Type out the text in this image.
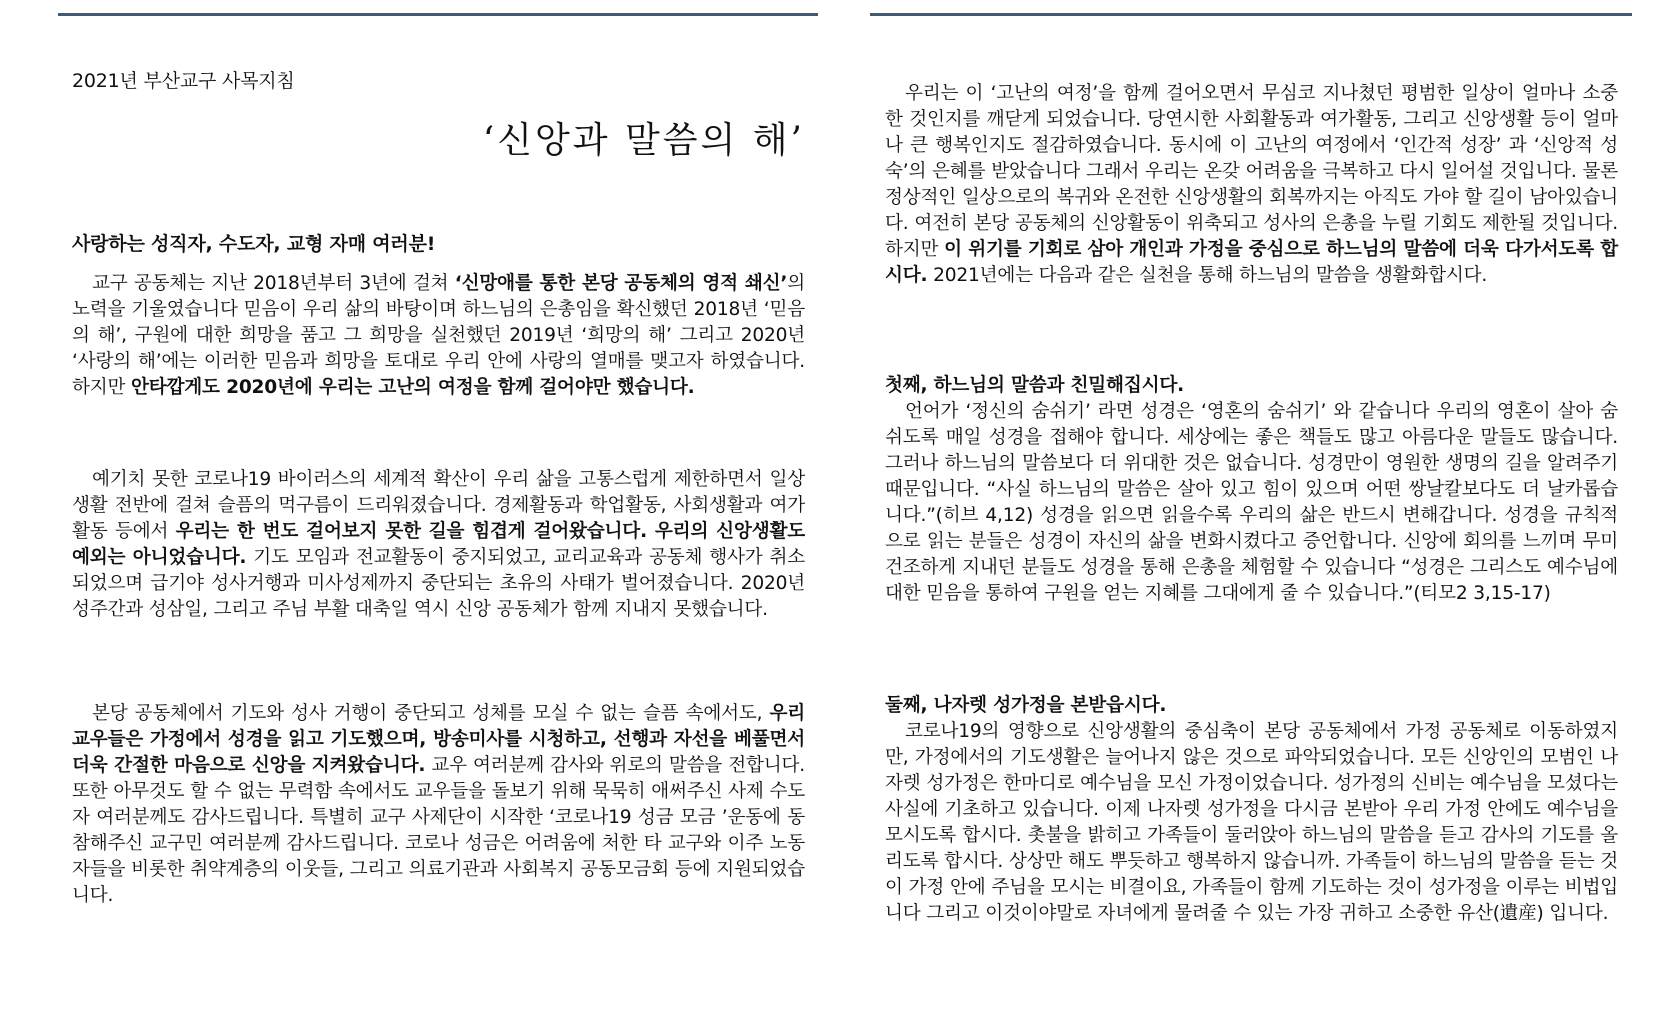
2021년 부산교구 사목지침
‘신앙과 말씀의 해’
사랑하는 성직자, 수도자, 교형 자매 여러분!

교구 공동체는 지난 2018년부터 3년에 걸쳐 ‘신망애를 통한 본당 공동체의 영적 쇄신’의 노력을 기울였습니다 믿음이 우리 삶의 바탕이며 하느님의 은총임을 확신했던 2018년 ‘믿음의 해’, 구원에 대한 희망을 품고 그 희망을 실천했던 2019년 ‘희망의 해’ 그리고 2020년 ‘사랑의 해’에는 이러한 믿음과 희망을 토대로 우리 안에 사랑의 열매를 맺고자 하였습니다. 하지만 안타깝게도 2020년에 우리는 고난의 여정을 함께 걸어야만 했습니다.

예기치 못한 코로나19 바이러스의 세계적 확산이 우리 삶을 고통스럽게 제한하면서 일상생활 전반에 걸쳐 슬픔의 먹구름이 드리워졌습니다. 경제활동과 학업활동, 사회생활과 여가활동 등에서 우리는 한 번도 걸어보지 못한 길을 힘겹게 걸어왔습니다. 우리의 신앙생활도 예외는 아니었습니다. 기도 모임과 전교활동이 중지되었고, 교리교육과 공동체 행사가 취소되었으며 급기야 성사거행과 미사성제까지 중단되는 초유의 사태가 벌어졌습니다. 2020년 성주간과 성삼일, 그리고 주님 부활 대축일 역시 신앙 공동체가 함께 지내지 못했습니다.

본당 공동체에서 기도와 성사 거행이 중단되고 성체를 모실 수 없는 슬픔 속에서도, 우리 교우들은 가정에서 성경을 읽고 기도했으며, 방송미사를 시청하고, 선행과 자선을 베풀면서 더욱 간절한 마음으로 신앙을 지켜왔습니다. 교우 여러분께 감사와 위로의 말씀을 전합니다. 또한 아무것도 할 수 없는 무력함 속에서도 교우들을 돌보기 위해 묵묵히 애써주신 사제 수도자 여러분께도 감사드립니다. 특별히 교구 사제단이 시작한 ‘코로나19 성금 모금 ’운동에 동참해주신 교구민 여러분께 감사드립니다. 코로나 성금은 어려움에 처한 타 교구와 이주 노동자들을 비롯한 취약계층의 이웃들, 그리고 의료기관과 사회복지 공동모금회 등에 지원되었습니다.

우리는 이 ‘고난의 여정’을 함께 걸어오면서 무심코 지나쳤던 평범한 일상이 얼마나 소중한 것인지를 깨닫게 되었습니다. 당연시한 사회활동과 여가활동, 그리고 신앙생활 등이 얼마나 큰 행복인지도 절감하였습니다. 동시에 이 고난의 여정에서 ‘인간적 성장’ 과 ‘신앙적 성숙’의 은혜를 받았습니다 그래서 우리는 온갖 어려움을 극복하고 다시 일어설 것입니다. 물론 정상적인 일상으로의 복귀와 온전한 신앙생활의 회복까지는 아직도 가야 할 길이 남아있습니다. 여전히 본당 공동체의 신앙활동이 위축되고 성사의 은총을 누릴 기회도 제한될 것입니다. 하지만 이 위기를 기회로 삼아 개인과 가정을 중심으로 하느님의 말씀에 더욱 다가서도록 합시다. 2021년에는 다음과 같은 실천을 통해 하느님의 말씀을 생활화합시다.

첫째, 하느님의 말씀과 친밀해집시다.

언어가 ‘정신의 숨쉬기’ 라면 성경은 ‘영혼의 숨쉬기’ 와 같습니다 우리의 영혼이 살아 숨쉬도록 매일 성경을 접해야 합니다. 세상에는 좋은 책들도 많고 아름다운 말들도 많습니다. 그러나 하느님의 말씀보다 더 위대한 것은 없습니다. 성경만이 영원한 생명의 길을 알려주기 때문입니다. “사실 하느님의 말씀은 살아 있고 힘이 있으며 어떤 쌍날칼보다도 더 날카롭습니다.”(히브 4,12) 성경을 읽으면 읽을수록 우리의 삶은 반드시 변해갑니다. 성경을 규칙적으로 읽는 분들은 성경이 자신의 삶을 변화시켰다고 증언합니다. 신앙에 회의를 느끼며 무미건조하게 지내던 분들도 성경을 통해 은총을 체험할 수 있습니다 “성경은 그리스도 예수님에 대한 믿음을 통하여 구원을 얻는 지혜를 그대에게 줄 수 있습니다.”(티모2 3,15-17)

둘째, 나자렛 성가정을 본받읍시다.

코로나19의 영향으로 신앙생활의 중심축이 본당 공동체에서 가정 공동체로 이동하였지만, 가정에서의 기도생활은 늘어나지 않은 것으로 파악되었습니다. 모든 신앙인의 모범인 나자렛 성가정은 한마디로 예수님을 모신 가정이었습니다. 성가정의 신비는 예수님을 모셨다는 사실에 기초하고 있습니다. 이제 나자렛 성가정을 다시금 본받아 우리 가정 안에도 예수님을 모시도록 합시다. 촛불을 밝히고 가족들이 둘러앉아 하느님의 말씀을 듣고 감사의 기도를 올리도록 합시다. 상상만 해도 뿌듯하고 행복하지 않습니까. 가족들이 하느님의 말씀을 듣는 것이 가정 안에 주님을 모시는 비결이요, 가족들이 함께 기도하는 것이 성가정을 이루는 비법입니다 그리고 이것이야말로 자녀에게 물려줄 수 있는 가장 귀하고 소중한 유산(遺産) 입니다.
